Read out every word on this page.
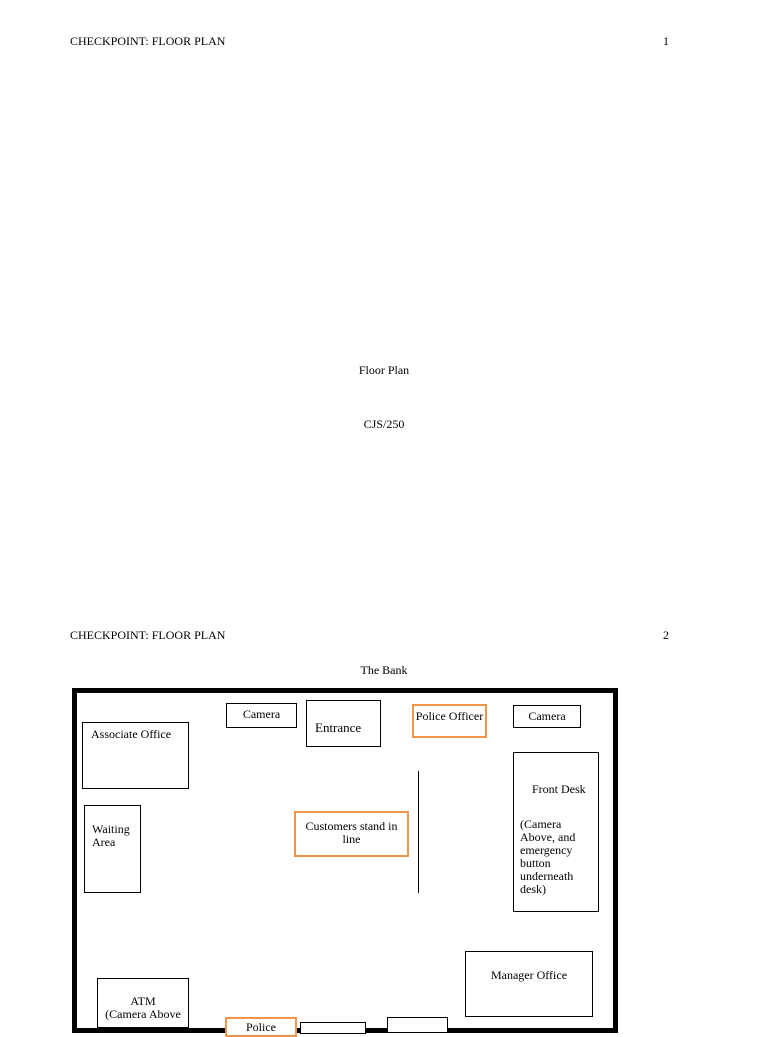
CHECKPOINT: FLOOR PLAN	1
Floor Plan
CJS/250
CHECKPOINT: FLOOR PLAN	2
The Bank
Camera
Entrance
Police Officer	Camera
Associate Office
Waiting Area
Customers stand in line
Front Desk
(Camera Above, and emergency button underneath desk)
Manager Office
ATM
(Camera Above
Police
